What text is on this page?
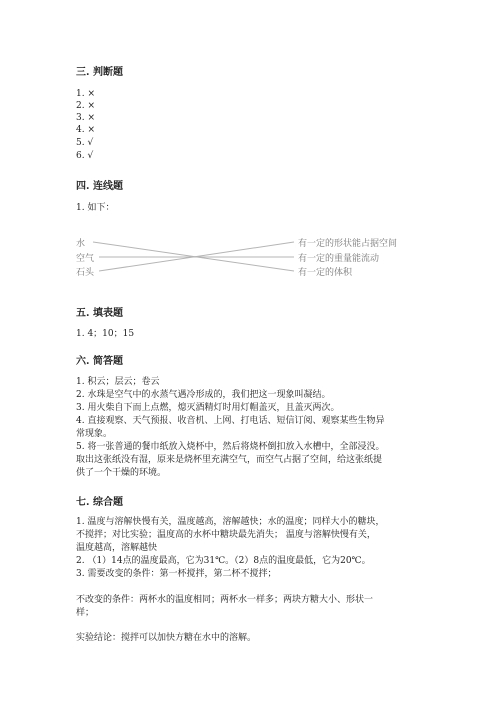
三. 判断题
1. ×
2. ×
3. ×
4. ×
5. √
6. √
四. 连线题
1. 如下：
水
空气
石头
有一定的形状能占据空间
有一定的重量能流动
有一定的体积
五. 填表题
1. 4；10；15
六. 简答题
1. 积云；层云；卷云
2. 水珠是空气中的水蒸气遇冷形成的，我们把这一现象叫凝结。
3. 用火柴自下而上点燃，熄灭酒精灯时用灯帽盖灭，且盖灭两次。
4. 直接观察、天气预报、收音机、上网、打电话、短信订阅、观察某些生物异
常现象。
5. 将一张普通的餐巾纸放入烧杯中，然后将烧杯倒扣放入水槽中，全部浸没。
取出这张纸没有湿，原来是烧杯里充满空气，而空气占据了空间，给这张纸提
供了一个干燥的环境。
七. 综合题
1. 温度与溶解快慢有关，温度越高，溶解越快；水的温度；同样大小的糖块，
不搅拌；对比实验；温度高的水杯中糖块最先消失； 温度与溶解快慢有关，
温度越高，溶解越快
2. （1）14点的温度最高，它为31℃。（2）8点的温度最低，它为20℃。
3. 需要改变的条件：第一杯搅拌，第二杯不搅拌；
不改变的条件：两杯水的温度相同；两杯水一样多；两块方糖大小、形状一
样；
实验结论：搅拌可以加快方糖在水中的溶解。
